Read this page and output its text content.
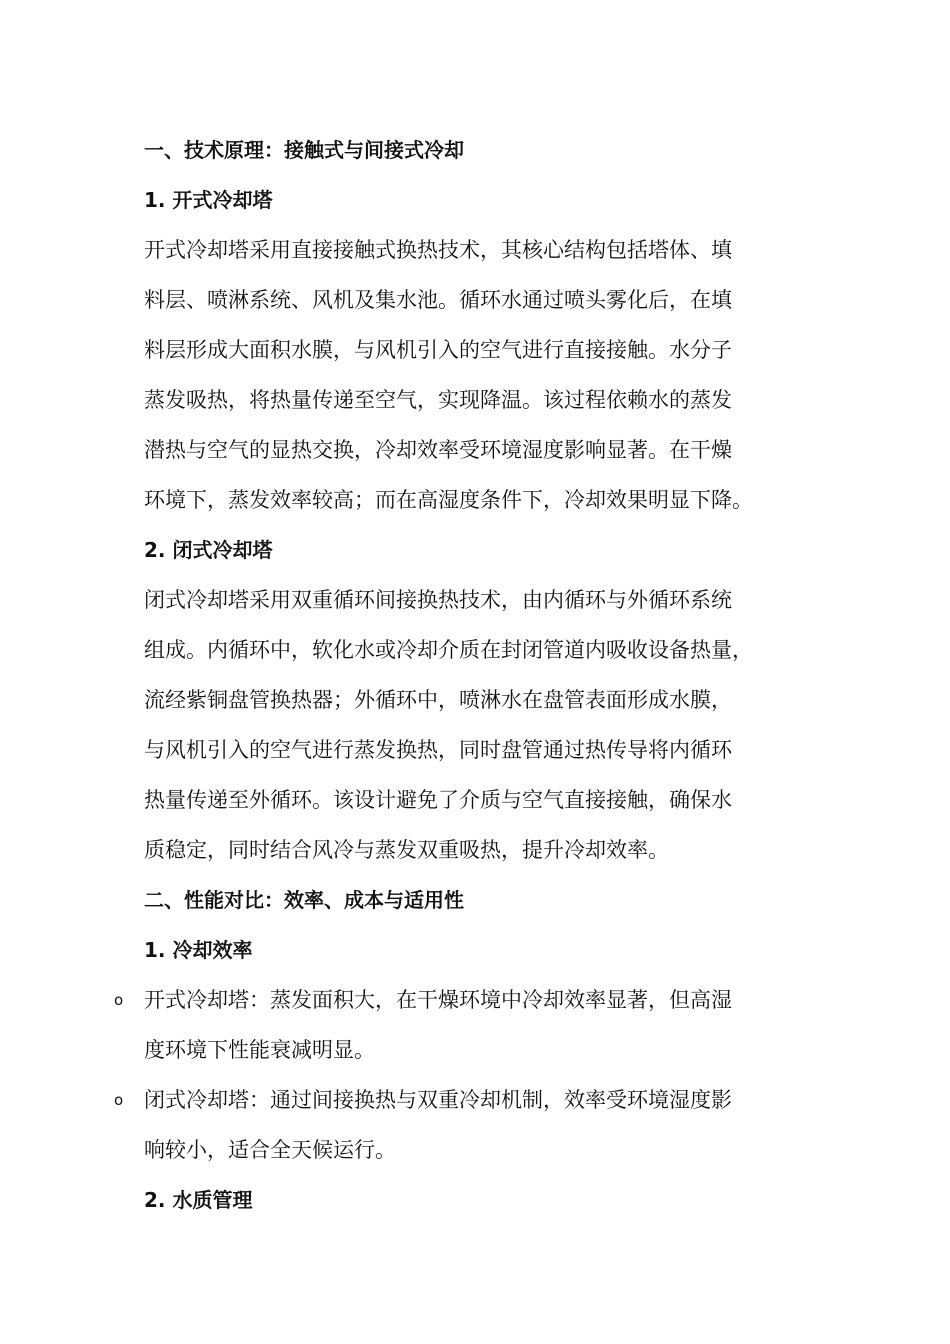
一、技术原理：接触式与间接式冷却
1. 开式冷却塔
开式冷却塔采用直接接触式换热技术，其核心结构包括塔体、填
料层、喷淋系统、风机及集水池。循环水通过喷头雾化后，在填
料层形成大面积水膜，与风机引入的空气进行直接接触。水分子
蒸发吸热，将热量传递至空气，实现降温。该过程依赖水的蒸发
潜热与空气的显热交换，冷却效率受环境湿度影响显著。在干燥
环境下，蒸发效率较高；而在高湿度条件下，冷却效果明显下降。
2. 闭式冷却塔
闭式冷却塔采用双重循环间接换热技术，由内循环与外循环系统
组成。内循环中，软化水或冷却介质在封闭管道内吸收设备热量，
流经紫铜盘管换热器；外循环中，喷淋水在盘管表面形成水膜，
与风机引入的空气进行蒸发换热，同时盘管通过热传导将内循环
热量传递至外循环。该设计避免了介质与空气直接接触，确保水
质稳定，同时结合风冷与蒸发双重吸热，提升冷却效率。
二、性能对比：效率、成本与适用性
1. 冷却效率
o 开式冷却塔：蒸发面积大，在干燥环境中冷却效率显著，但高湿
度环境下性能衰减明显。
o 闭式冷却塔：通过间接换热与双重冷却机制，效率受环境湿度影
响较小，适合全天候运行。
2. 水质管理
